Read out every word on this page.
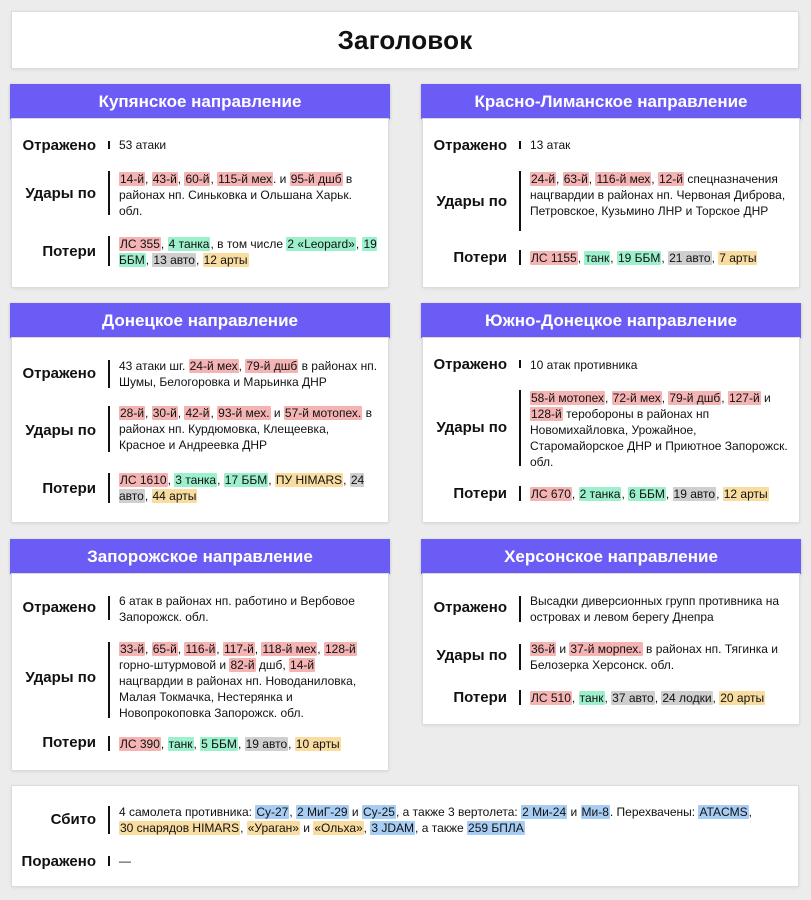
Заголовок
Купянское направление
Отражено 53 атаки
Удары по
14-й, 43-й, 60-й, 115-й мех. и 95-й дшб в районах нп. Синьковка и Ольшана Харьк. обл.
Потери ЛС 355, 4 танка, в том числе 2 «Leopard», 19 ББМ, 13 авто, 12 арты
Красно-Лиманское направление
Отражено 13 атак
Удары по
24-й, 63-й, 116-й мех, 12-й спецназначения нацгвардии в районах нп. Червоная Диброва, Петровское, Кузьмино ЛНР и Торское ДНР
Потери ЛС 1155, танк, 19 ББМ, 21 авто, 7 арты
Донецкое направление
Отражено 43 атаки шг. 24-й мех, 79-й дшб в районах нп. Шумы, Белогоровка и Марьинка ДНР
Удары по
28-й, 30-й, 42-й, 93-й мех. и 57-й мотопех. в районах нп. Курдюмовка, Клещеевка, Красное и Андреевка ДНР
Потери ЛС 1610, 3 танка, 17 ББМ, ПУ HIMARS, 24 авто, 44 арты
Южно-Донецкое направление
Отражено 10 атак противника
Удары по
58-й мотопех, 72-й мех, 79-й дшб, 127-й и 128-й теробороны в районах нп Новомихайловка, Урожайное, Старомайорское ДНР и Приютное Запорожск. обл.
Потери ЛС 670, 2 танка, 6 ББМ, 19 авто, 12 арты
Запорожское направление
Отражено 6 атак в районах нп. работино и Вербовое Запорожск. обл.
Удары по
33-й, 65-й, 116-й, 117-й, 118-й мех, 128-й горно-штурмовой и 82-й дшб, 14-й нацгвардии в районах нп. Новоданиловка, Малая Токмачка, Нестерянка и Новопрокоповка Запорожск. обл.
Потери ЛС 390, танк, 5 ББМ, 19 авто, 10 арты
Херсонское направление
Отражено Высадки диверсионных групп противника на островах и левом берегу Днепра
Удары по 36-й и 37-й морпех. в районах нп. Тягинка и Белозерка Херсонск. обл.
Потери ЛС 510, танк, 37 авто, 24 лодки, 20 арты
Сбито 4 самолета противника: Су-27, 2 МиГ-29 и Су-25, а также 3 вертолета: 2 Ми-24 и Ми-8. Перехвачены: ATACMS, 30 снарядов HIMARS, «Ураган» и «Ольха», 3 JDAM, а также 259 БПЛА
Поражено —
